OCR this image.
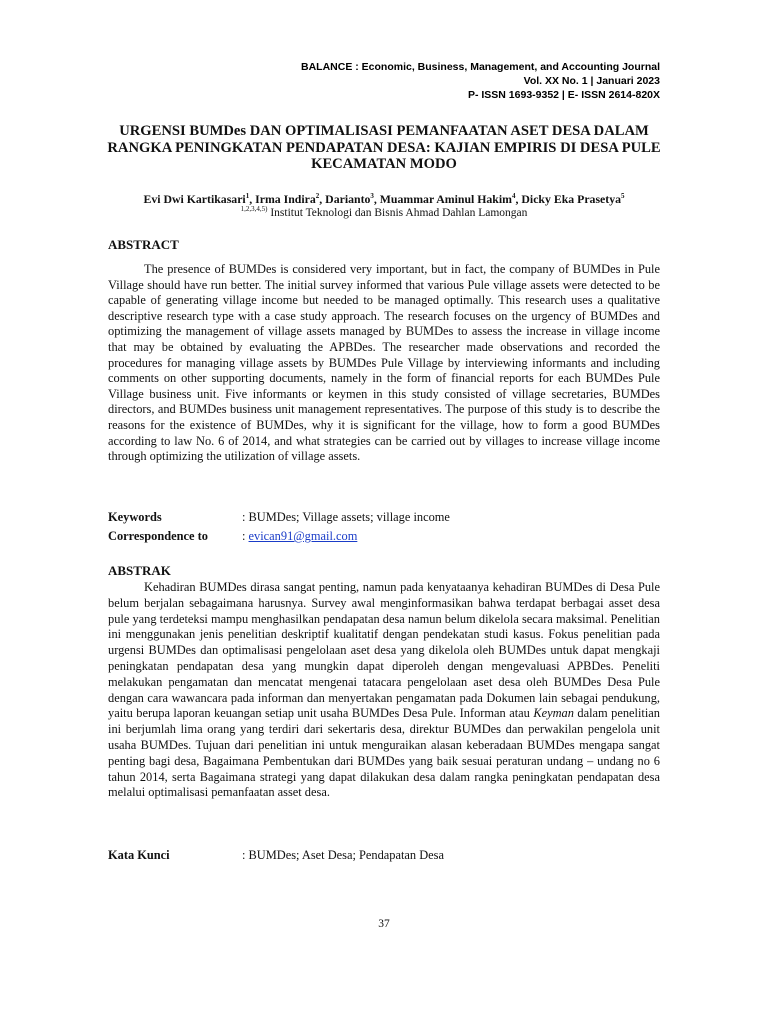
BALANCE : Economic, Business, Management, and Accounting Journal
Vol. XX No. 1 | Januari 2023
P- ISSN 1693-9352 | E- ISSN 2614-820X
URGENSI BUMDes DAN OPTIMALISASI PEMANFAATAN ASET DESA DALAM RANGKA PENINGKATAN PENDAPATAN DESA: KAJIAN EMPIRIS DI DESA PULE KECAMATAN MODO
Evi Dwi Kartikasari$^1$, Irma Indira$^2$, Darianto$^3$, Muammar Aminul Hakim$^4$, Dicky Eka Prasetya$^5$
$^{1,2,3,4,5)}$ Institut Teknologi dan Bisnis Ahmad Dahlan Lamongan
ABSTRACT
The presence of BUMDes is considered very important, but in fact, the company of BUMDes in Pule Village should have run better. The initial survey informed that various Pule village assets were detected to be capable of generating village income but needed to be managed optimally. This research uses a qualitative descriptive research type with a case study approach. The research focuses on the urgency of BUMDes and optimizing the management of village assets managed by BUMDes to assess the increase in village income that may be obtained by evaluating the APBDes. The researcher made observations and recorded the procedures for managing village assets by BUMDes Pule Village by interviewing informants and including comments on other supporting documents, namely in the form of financial reports for each BUMDes Pule Village business unit. Five informants or keymen in this study consisted of village secretaries, BUMDes directors, and BUMDes business unit management representatives. The purpose of this study is to describe the reasons for the existence of BUMDes, why it is significant for the village, how to form a good BUMDes according to law No. 6 of 2014, and what strategies can be carried out by villages to increase village income through optimizing the utilization of village assets.
Keywords	: BUMDes; Village assets; village income
Correspondence to	: evican91@gmail.com
ABSTRAK
Kehadiran BUMDes dirasa sangat penting, namun pada kenyataanya kehadiran BUMDes di Desa Pule belum berjalan sebagaimana harusnya. Survey awal menginformasikan bahwa terdapat berbagai asset desa pule yang terdeteksi mampu menghasilkan pendapatan desa namun belum dikelola secara maksimal. Penelitian ini menggunakan jenis penelitian deskriptif kualitatif dengan pendekatan studi kasus. Fokus penelitian pada urgensi BUMDes dan optimalisasi pengelolaan aset desa yang dikelola oleh BUMDes untuk dapat mengkaji peningkatan pendapatan desa yang mungkin dapat diperoleh dengan mengevaluasi APBDes. Peneliti melakukan pengamatan dan mencatat mengenai tatacara pengelolaan aset desa oleh BUMDes Desa Pule dengan cara wawancara pada informan dan menyertakan pengamatan pada Dokumen lain sebagai pendukung, yaitu berupa laporan keuangan setiap unit usaha BUMDes Desa Pule. Informan atau Keyman dalam penelitian ini berjumlah lima orang yang terdiri dari sekertaris desa, direktur BUMDes dan perwakilan pengelola unit usaha BUMDes. Tujuan dari penelitian ini untuk menguraikan alasan keberadaan BUMDes mengapa sangat penting bagi desa, Bagaimana Pembentukan dari BUMDes yang baik sesuai peraturan undang – undang no 6 tahun 2014, serta Bagaimana strategi yang dapat dilakukan desa dalam rangka peningkatan pendapatan desa melalui optimalisasi pemanfaatan asset desa.
Kata Kunci	: BUMDes; Aset Desa; Pendapatan Desa
37
